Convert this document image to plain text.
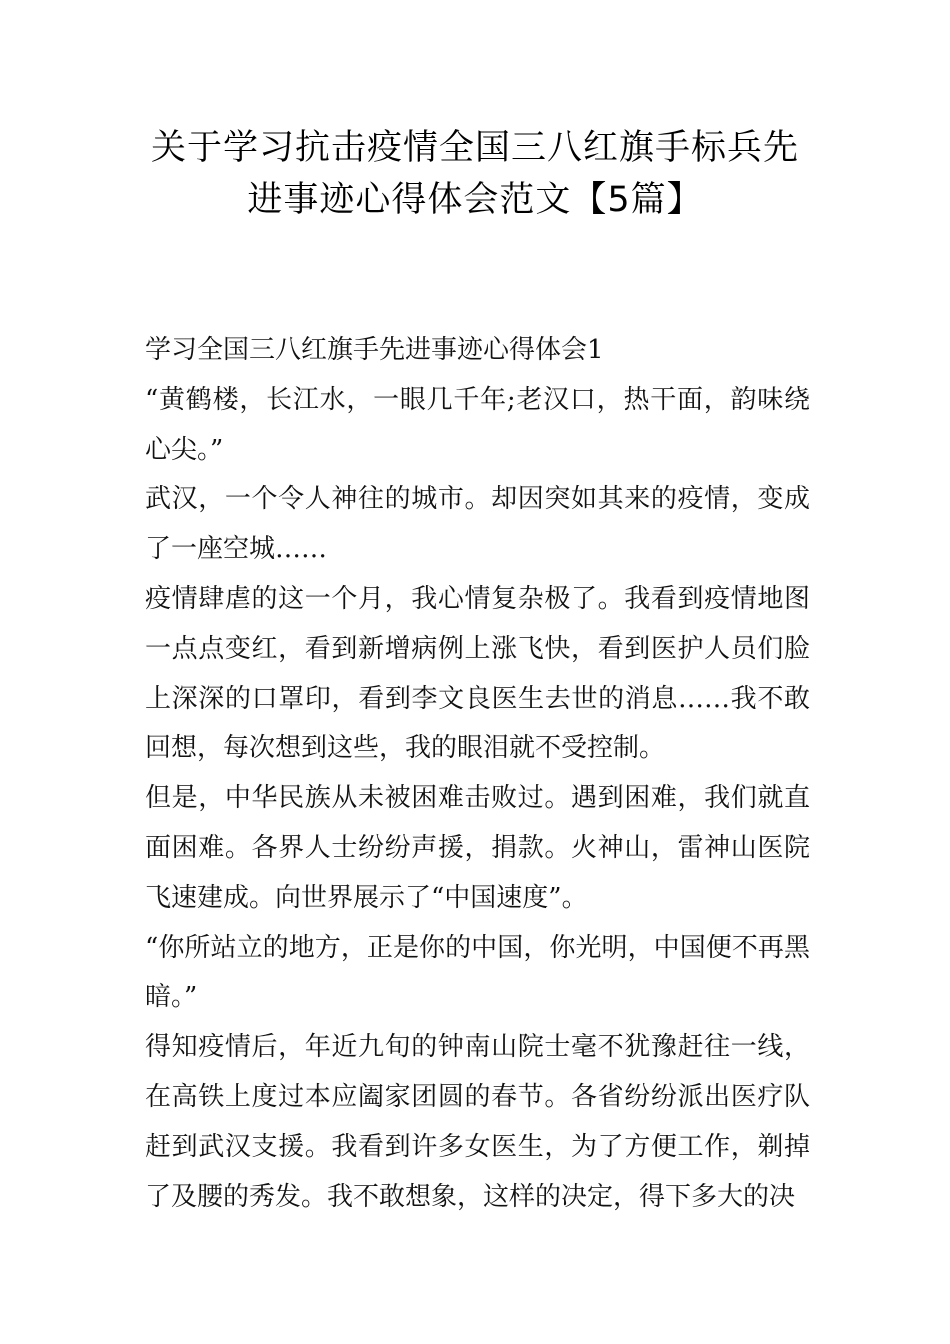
关于学习抗击疫情全国三八红旗手标兵先
进事迹心得体会范文【5篇】

学习全国三八红旗手先进事迹心得体会1

“黄鹤楼，长江水，一眼几千年;老汉口，热干面，韵味绕心尖。”

武汉，一个令人神往的城市。却因突如其来的疫情，变成了一座空城……

疫情肆虐的这一个月，我心情复杂极了。我看到疫情地图一点点变红，看到新增病例上涨飞快，看到医护人员们脸上深深的口罩印，看到李文良医生去世的消息……我不敢回想，每次想到这些，我的眼泪就不受控制。

但是，中华民族从未被困难击败过。遇到困难，我们就直面困难。各界人士纷纷声援，捐款。火神山，雷神山医院飞速建成。向世界展示了“中国速度”。

“你所站立的地方，正是你的中国，你光明，中国便不再黑暗。”

得知疫情后，年近九旬的钟南山院士毫不犹豫赶往一线，在高铁上度过本应阖家团圆的春节。各省纷纷派出医疗队赶到武汉支援。我看到许多女医生，为了方便工作，剃掉了及腰的秀发。我不敢想象，这样的决定，得下多大的决
